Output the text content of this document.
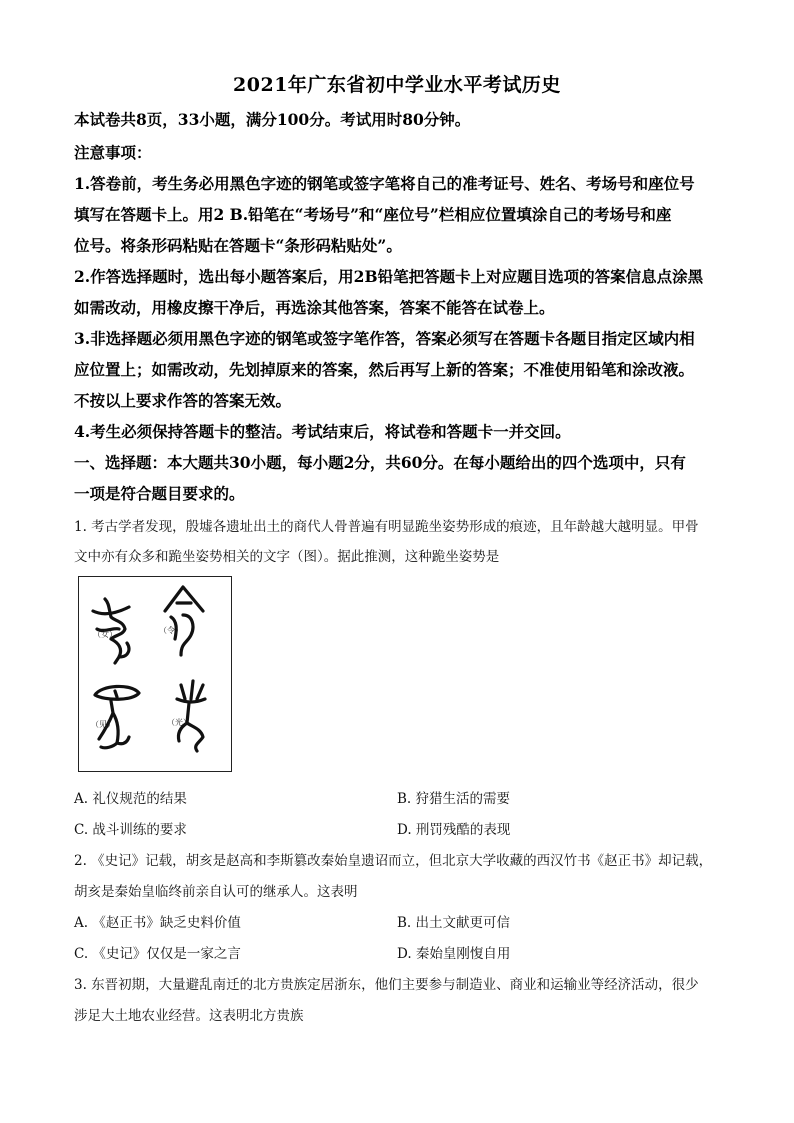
2021年广东省初中学业水平考试历史
本试卷共8页，33小题，满分100分。考试用时80分钟。
注意事项：
1.答卷前，考生务必用黑色字迹的钢笔或签字笔将自己的准考证号、姓名、考场号和座位号
填写在答题卡上。用2 B.铅笔在“考场号”和“座位号”栏相应位置填涂自己的考场号和座
位号。将条形码粘贴在答题卡“条形码粘贴处”。
2.作答选择题时，选出每小题答案后，用2B铅笔把答题卡上对应题目选项的答案信息点涂黑
如需改动，用橡皮擦干净后，再选涂其他答案，答案不能答在试卷上。
3.非选择题必须用黑色字迹的钢笔或签字笔作答，答案必须写在答题卡各题目指定区域内相
应位置上；如需改动，先划掉原来的答案，然后再写上新的答案；不准使用铅笔和涂改液。
不按以上要求作答的答案无效。
4.考生必须保持答题卡的整洁。考试结束后，将试卷和答题卡一并交回。
一、选择题：本大题共30小题，每小题2分，共60分。在每小题给出的四个选项中，只有
一项是符合题目要求的。
1. 考古学者发现，殷墟各遗址出土的商代人骨普遍有明显跪坐姿势形成的痕迹，且年龄越大越明显。甲骨
文中亦有众多和跪坐姿势相关的文字（图）。据此推测，这种跪坐姿势是
（女）	（令）
（见）	（光）
A. 礼仪规范的结果	B. 狩猎生活的需要
C. 战斗训练的要求	D. 刑罚残酷的表现
2. 《史记》记载，胡亥是赵高和李斯篡改秦始皇遗诏而立，但北京大学收藏的西汉竹书《赵正书》却记载，
胡亥是秦始皇临终前亲自认可的继承人。这表明
A. 《赵正书》缺乏史料价值	B. 出土文献更可信
C. 《史记》仅仅是一家之言	D. 秦始皇刚愎自用
3. 东晋初期，大量避乱南迁的北方贵族定居浙东，他们主要参与制造业、商业和运输业等经济活动，很少
涉足大土地农业经营。这表明北方贵族
